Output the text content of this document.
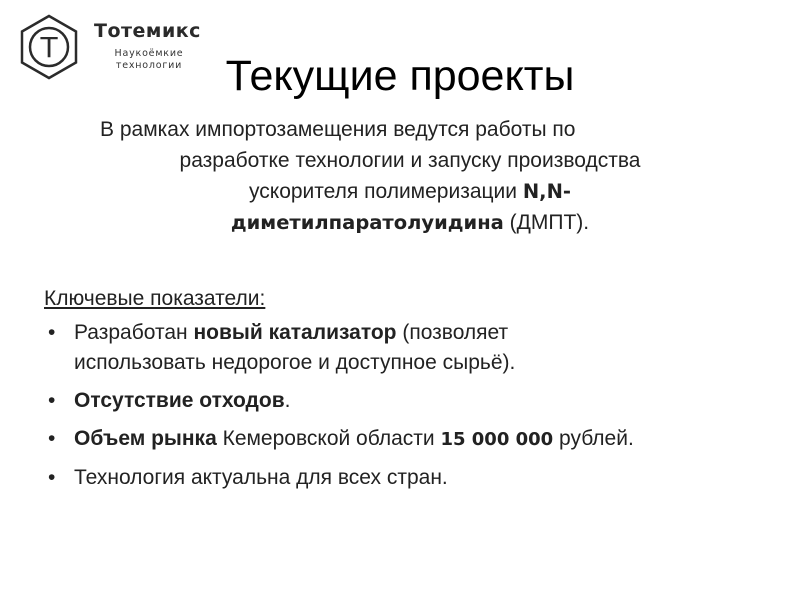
Т Тотемикс
Наукоёмкие
технологии	Текущие проекты
В рамках импортозамещения ведутся работы по
разработке технологии и запуску производства
ускорителя полимеризации N,N-
диметилпаратолуидина (ДМПТ).
Ключевые показатели:
• Разработан новый катализатор (позволяет
использовать недорогое и доступное сырьё).
• Отсутствие отходов.
• Объем рынка Кемеровской области 15 000 000 рублей.
• Технология актуальна для всех стран.
